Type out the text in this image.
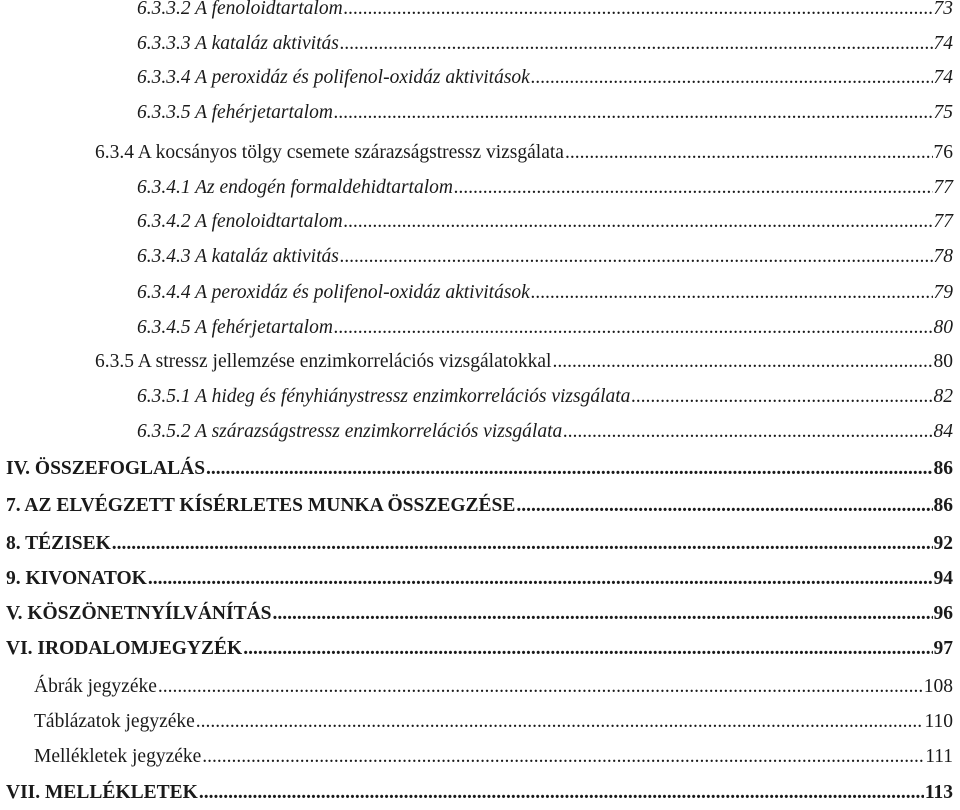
6.3.3.2 A fenoloidtartalom .....	73
6.3.3.3 A kataláz aktivitás .....	74
6.3.3.4 A peroxidáz és polifenol-oxidáz aktivitások .....	74
6.3.3.5 A fehérjetartalom .....	75
6.3.4 A kocsányos tölgy csemete szárazságstressz vizsgálata .....	76
6.3.4.1 Az endogén formaldehidtartalom .....	77
6.3.4.2 A fenoloidtartalom .....	77
6.3.4.3 A kataláz aktivitás .....	78
6.3.4.4 A peroxidáz és polifenol-oxidáz aktivitások .....	79
6.3.4.5 A fehérjetartalom .....	80
6.3.5 A stressz jellemzése enzimkorrelációs vizsgálatokkal .....	80
6.3.5.1 A hideg és fényhiánystressz enzimkorrelációs vizsgálata .....	82
6.3.5.2 A szárazságstressz enzimkorrelációs vizsgálata .....	84
IV. ÖSSZEFOGLALÁS .....	86
7. AZ ELVÉGZETT KÍSÉRLETES MUNKA ÖSSZEGZÉSE .....	86
8. TÉZISEK .....	92
9. KIVONATOK .....	94
V. KÖSZÖNETNYÍLVÁNÍTÁS .....	96
VI. IRODALOMJEGYZÉK .....	97
Ábrák jegyzéke .....	108
Táblázatok jegyzéke .....	110
Mellékletek jegyzéke .....	111
VII. MELLÉKLETEK .....	113
